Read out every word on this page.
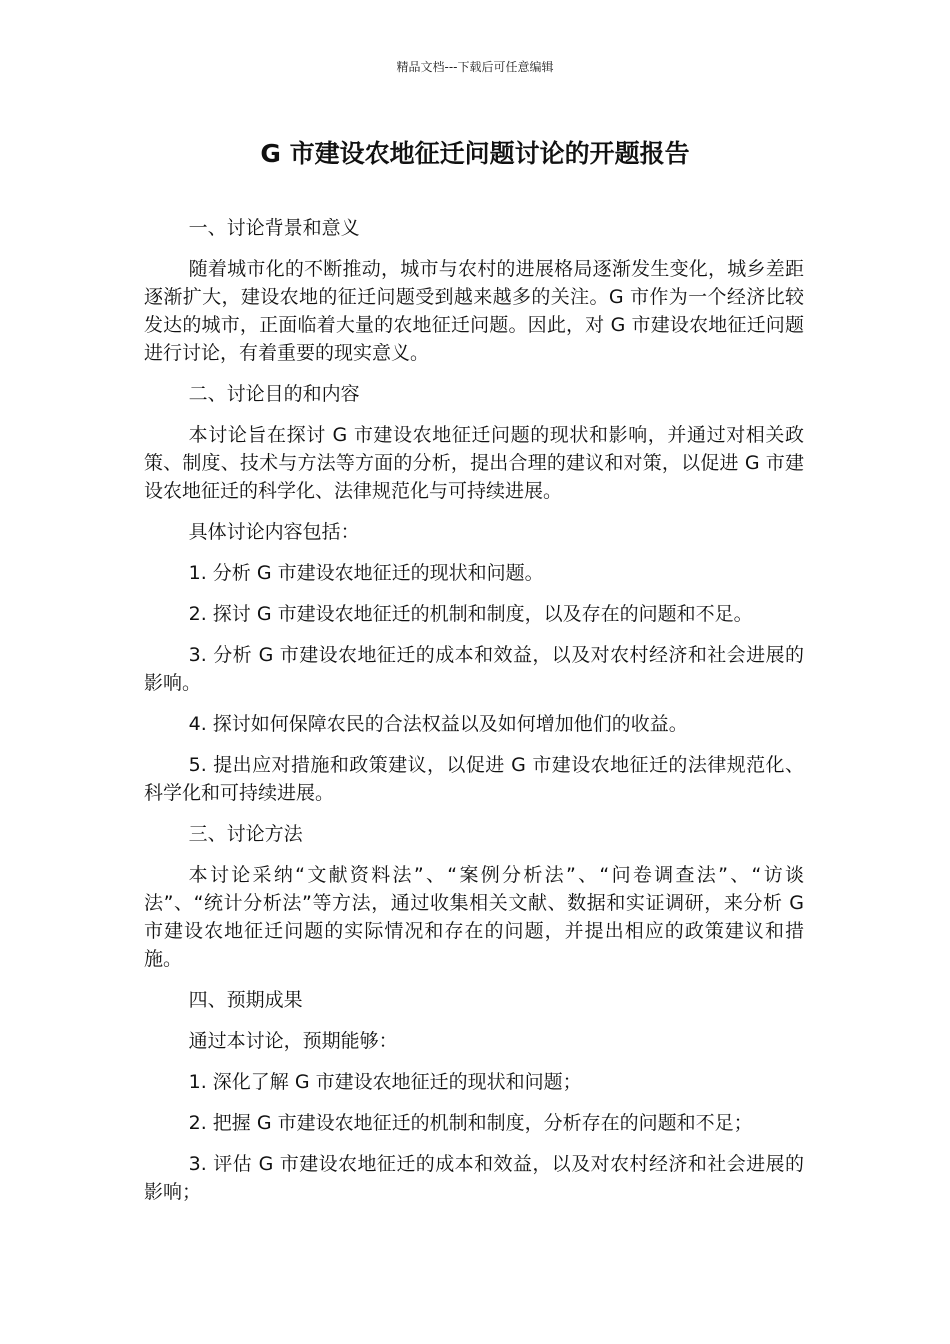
精品文档---下载后可任意编辑
G 市建设农地征迁问题讨论的开题报告

一、讨论背景和意义

随着城市化的不断推动，城市与农村的进展格局逐渐发生变化，城乡差距逐渐扩大，建设农地的征迁问题受到越来越多的关注。G 市作为一个经济比较发达的城市，正面临着大量的农地征迁问题。因此，对 G 市建设农地征迁问题进行讨论，有着重要的现实意义。

二、讨论目的和内容

本讨论旨在探讨 G 市建设农地征迁问题的现状和影响，并通过对相关政策、制度、技术与方法等方面的分析，提出合理的建议和对策，以促进 G 市建设农地征迁的科学化、法律规范化与可持续进展。

具体讨论内容包括：

1. 分析 G 市建设农地征迁的现状和问题。

2. 探讨 G 市建设农地征迁的机制和制度，以及存在的问题和不足。

3. 分析 G 市建设农地征迁的成本和效益，以及对农村经济和社会进展的影响。

4. 探讨如何保障农民的合法权益以及如何增加他们的收益。

5. 提出应对措施和政策建议，以促进 G 市建设农地征迁的法律规范化、科学化和可持续进展。

三、讨论方法

本讨论采纳“文献资料法”、“案例分析法”、“问卷调查法”、“访谈法”、“统计分析法”等方法，通过收集相关文献、数据和实证调研，来分析 G 市建设农地征迁问题的实际情况和存在的问题，并提出相应的政策建议和措施。

四、预期成果

通过本讨论，预期能够：

1. 深化了解 G 市建设农地征迁的现状和问题；

2. 把握 G 市建设农地征迁的机制和制度，分析存在的问题和不足；

3. 评估 G 市建设农地征迁的成本和效益，以及对农村经济和社会进展的影响；
